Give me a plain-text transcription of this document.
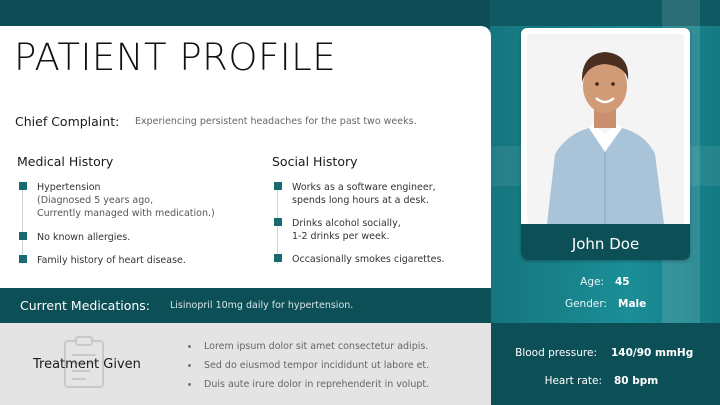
PATIENT PROFILE
Chief Complaint: Experiencing persistent headaches for the past two weeks.
Medical History
Hypertension
(Diagnosed 5 years ago,
Currently managed with medication.)
No known allergies.
Family history of heart disease.
Social History
Works as a software engineer,
spends long hours at a desk.
Drinks alcohol socially,
1-2 drinks per week.
Occasionally smokes cigarettes.
Current Medications: Lisinopril 10mg daily for hypertension.
Treatment Given
Lorem ipsum dolor sit amet consectetur adipis.
Sed do eiusmod tempor incididunt ut labore et.
Duis aute irure dolor in reprehenderit in volupt.
Blood pressure: 140/90 mmHg
Heart rate: 80 bpm
John Doe
Age: 45
Gender: Male
